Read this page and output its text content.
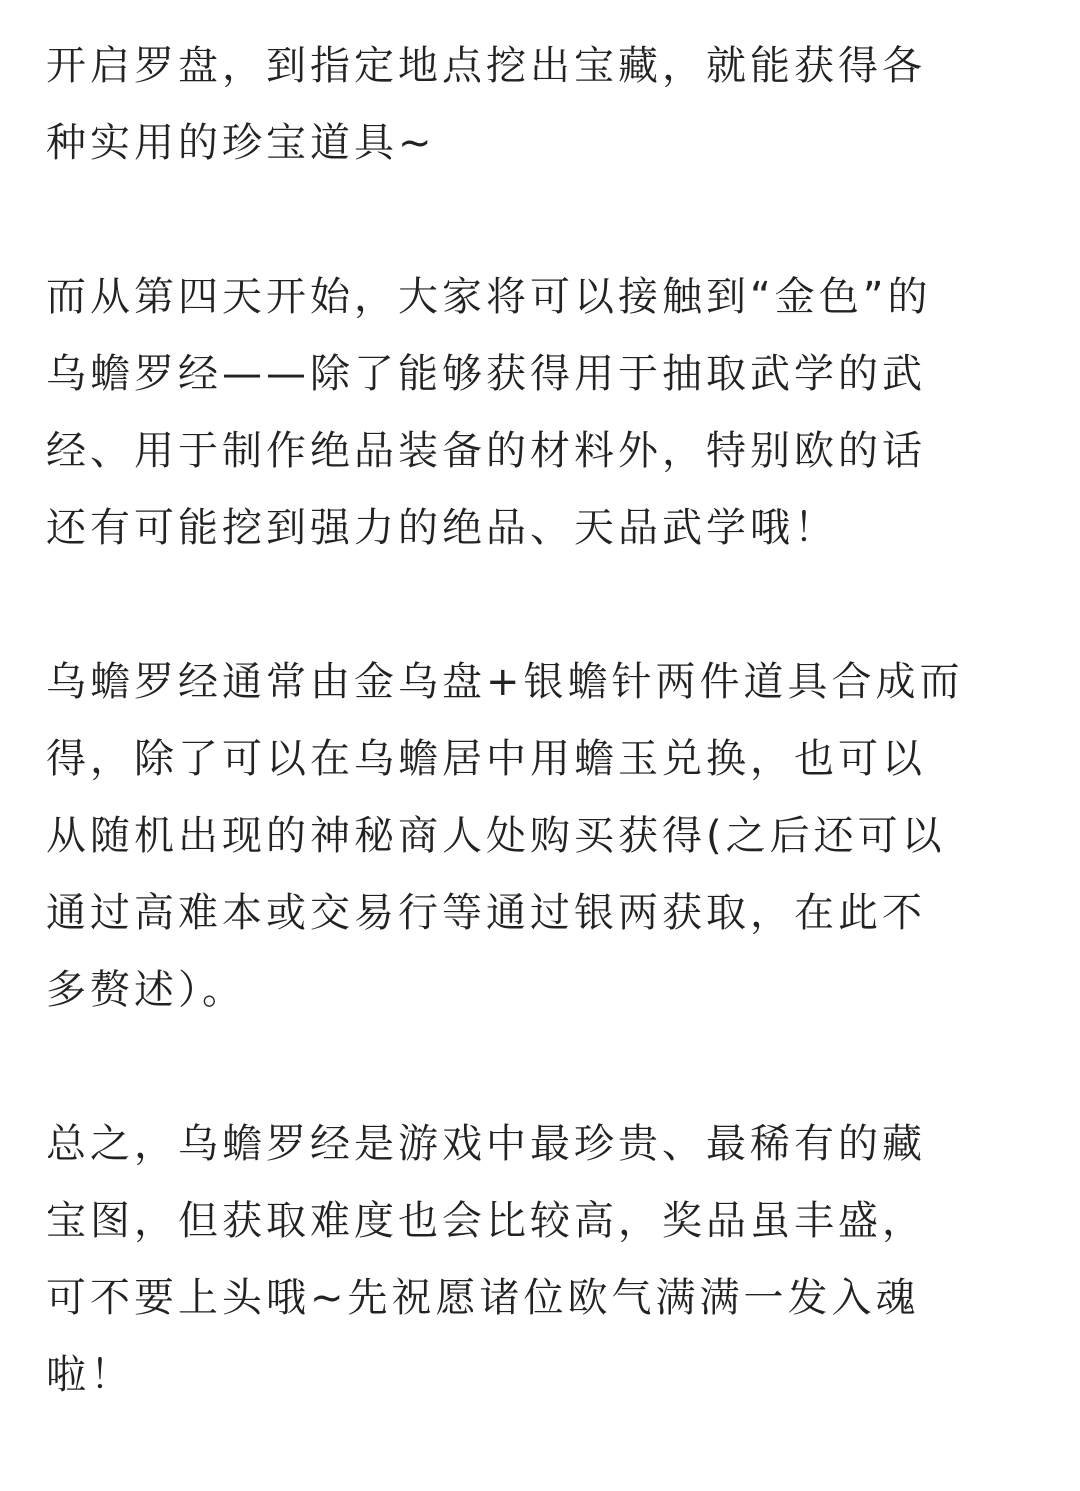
开启罗盘，到指定地点挖出宝藏，就能获得各
种实用的珍宝道具~

而从第四天开始，大家将可以接触到“金色”的
乌蟾罗经——除了能够获得用于抽取武学的武
经、用于制作绝品装备的材料外，特别欧的话
还有可能挖到强力的绝品、天品武学哦！

乌蟾罗经通常由金乌盘+银蟾针两件道具合成而
得，除了可以在乌蟾居中用蟾玉兑换，也可以
从随机出现的神秘商人处购买获得(之后还可以
通过高难本或交易行等通过银两获取，在此不
多赘述）。

总之，乌蟾罗经是游戏中最珍贵、最稀有的藏
宝图，但获取难度也会比较高，奖品虽丰盛，
可不要上头哦~先祝愿诸位欧气满满一发入魂
啦！
